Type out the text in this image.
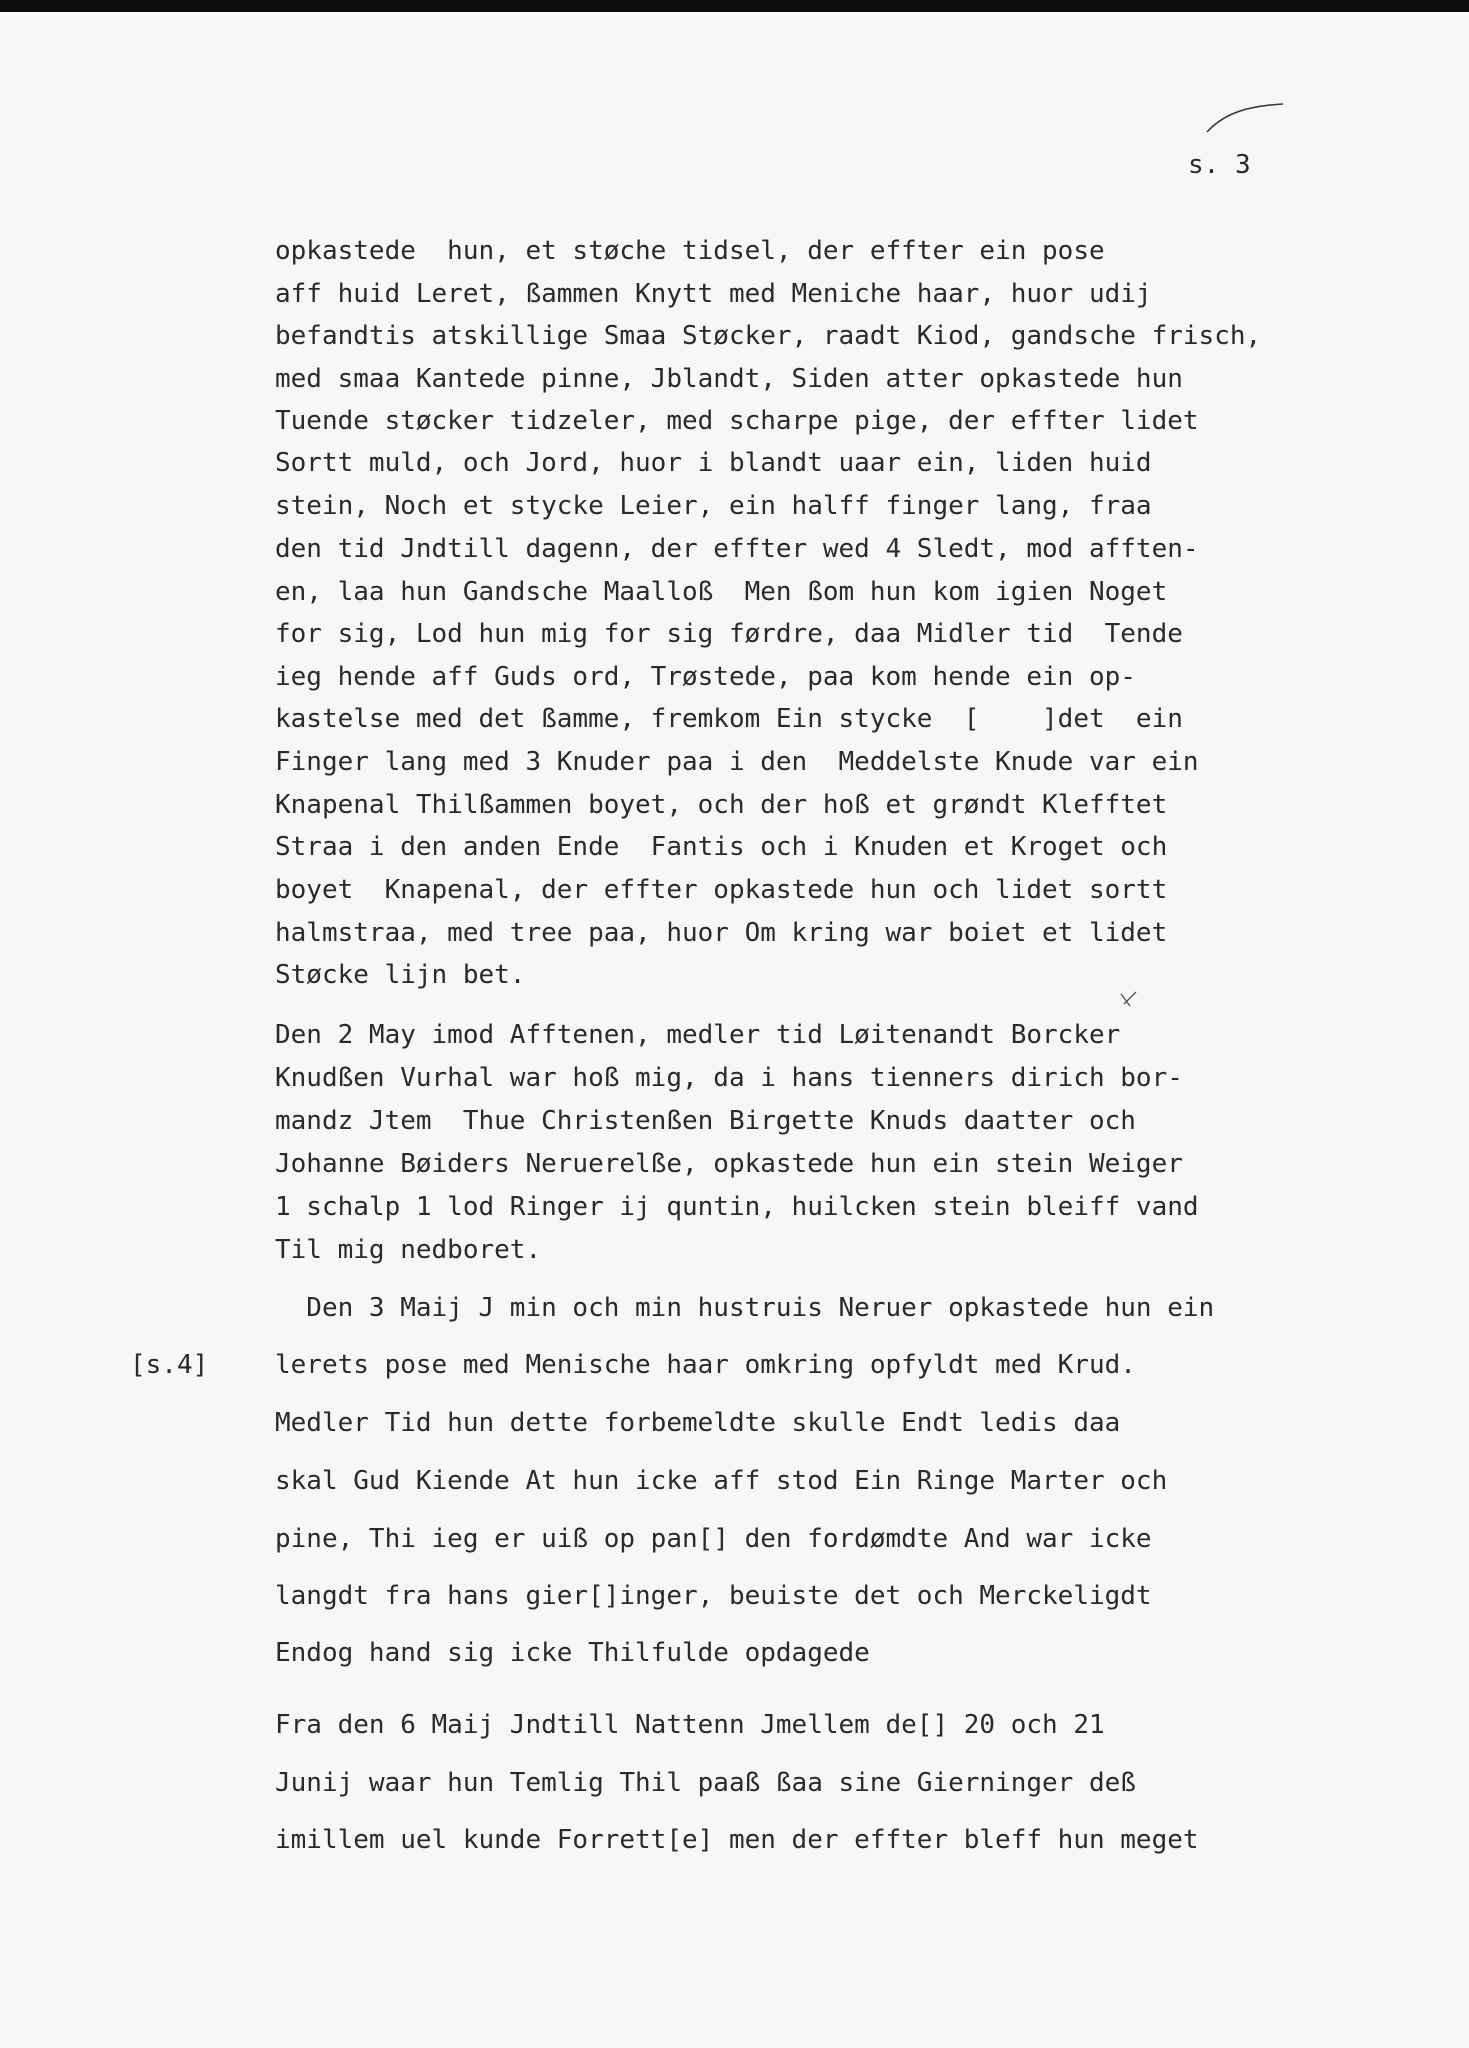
s. 3
[s.4]
opkastede  hun, et støche tidsel, der effter ein pose
aff huid Leret, ßammen Knytt med Meniche haar, huor udij
befandtis atskillige Smaa Støcker, raadt Kiod, gandsche frisch,
med smaa Kantede pinne, Jblandt, Siden atter opkastede hun
Tuende støcker tidzeler, med scharpe pige, der effter lidet
Sortt muld, och Jord, huor i blandt uaar ein, liden huid
stein, Noch et stycke Leier, ein halff finger lang, fraa
den tid Jndtill dagenn, der effter wed 4 Sledt, mod afften-
en, laa hun Gandsche Maalloß  Men ßom hun kom igien Noget
for sig, Lod hun mig for sig førdre, daa Midler tid  Tende
ieg hende aff Guds ord, Trøstede, paa kom hende ein op-
kastelse med det ßamme, fremkom Ein stycke  [    ]det  ein
Finger lang med 3 Knuder paa i den  Meddelste Knude var ein
Knapenal Thilßammen boyet, och der hoß et grøndt Klefftet
Straa i den anden Ende  Fantis och i Knuden et Kroget och
boyet  Knapenal, der effter opkastede hun och lidet sortt
halmstraa, med tree paa, huor Om kring war boiet et lidet
Støcke lijn bet.
Den 2 May imod Afftenen, medler tid Løitenandt Borcker
Knudßen Vurhal war hoß mig, da i hans tienners dirich bor-
mandz Jtem  Thue Christenßen Birgette Knuds daatter och
Johanne Bøiders Neruerelße, opkastede hun ein stein Weiger
1 schalp 1 lod Ringer ij quntin, huilcken stein bleiff vand
Til mig nedboret.
Den 3 Maij J min och min hustruis Neruer opkastede hun ein
lerets pose med Menische haar omkring opfyldt med Krud.
Medler Tid hun dette forbemeldte skulle Endt ledis daa
skal Gud Kiende At hun icke aff stod Ein Ringe Marter och
pine, Thi ieg er uiß op pan[] den fordømdte And war icke
langdt fra hans gier[]inger, beuiste det och Merckeligdt
Endog hand sig icke Thilfulde opdagede
Fra den 6 Maij Jndtill Nattenn Jmellem de[] 20 och 21
Junij waar hun Temlig Thil paaß ßaa sine Gierninger deß
imillem uel kunde Forrett[e] men der effter bleff hun meget
